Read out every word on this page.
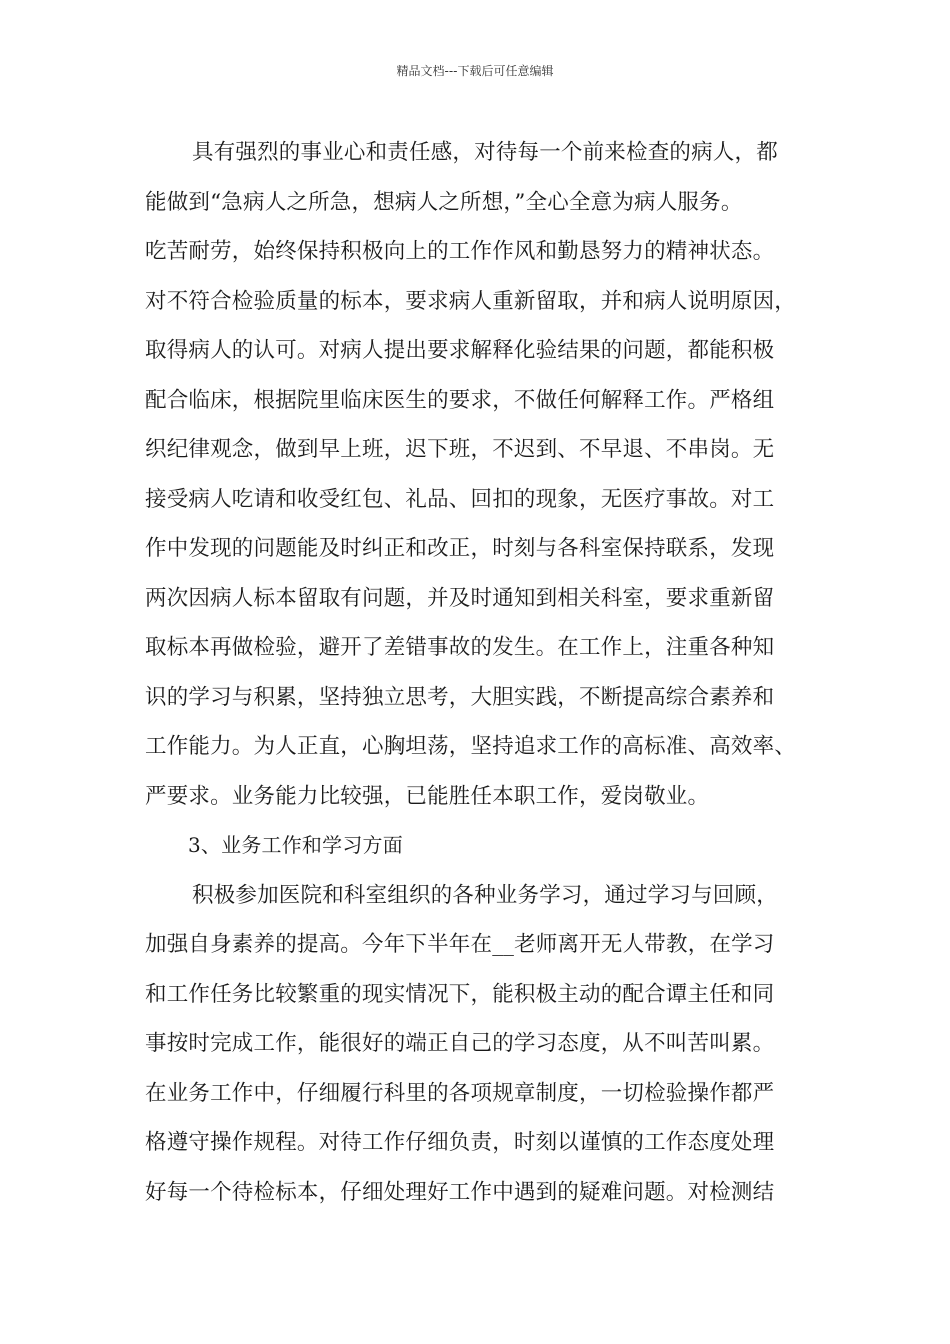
精品文档---下载后可任意编辑
具有强烈的事业心和责任感，对待每一个前来检查的病人，都
能做到“急病人之所急，想病人之所想，”全心全意为病人服务。
吃苦耐劳，始终保持积极向上的工作作风和勤恳努力的精神状态。
对不符合检验质量的标本，要求病人重新留取，并和病人说明原因，
取得病人的认可。对病人提出要求解释化验结果的问题，都能积极
配合临床，根据院里临床医生的要求，不做任何解释工作。严格组
织纪律观念，做到早上班，迟下班，不迟到、不早退、不串岗。无
接受病人吃请和收受红包、礼品、回扣的现象，无医疗事故。对工
作中发现的问题能及时纠正和改正，时刻与各科室保持联系，发现
两次因病人标本留取有问题，并及时通知到相关科室，要求重新留
取标本再做检验，避开了差错事故的发生。在工作上，注重各种知
识的学习与积累，坚持独立思考，大胆实践，不断提高综合素养和
工作能力。为人正直，心胸坦荡，坚持追求工作的高标准、高效率、
严要求。业务能力比较强，已能胜任本职工作，爱岗敬业。
3、业务工作和学习方面
积极参加医院和科室组织的各种业务学习，通过学习与回顾，
加强自身素养的提高。今年下半年在__老师离开无人带教，在学习
和工作任务比较繁重的现实情况下，能积极主动的配合谭主任和同
事按时完成工作，能很好的端正自己的学习态度，从不叫苦叫累。
在业务工作中，仔细履行科里的各项规章制度，一切检验操作都严
格遵守操作规程。对待工作仔细负责，时刻以谨慎的工作态度处理
好每一个待检标本，仔细处理好工作中遇到的疑难问题。对检测结
